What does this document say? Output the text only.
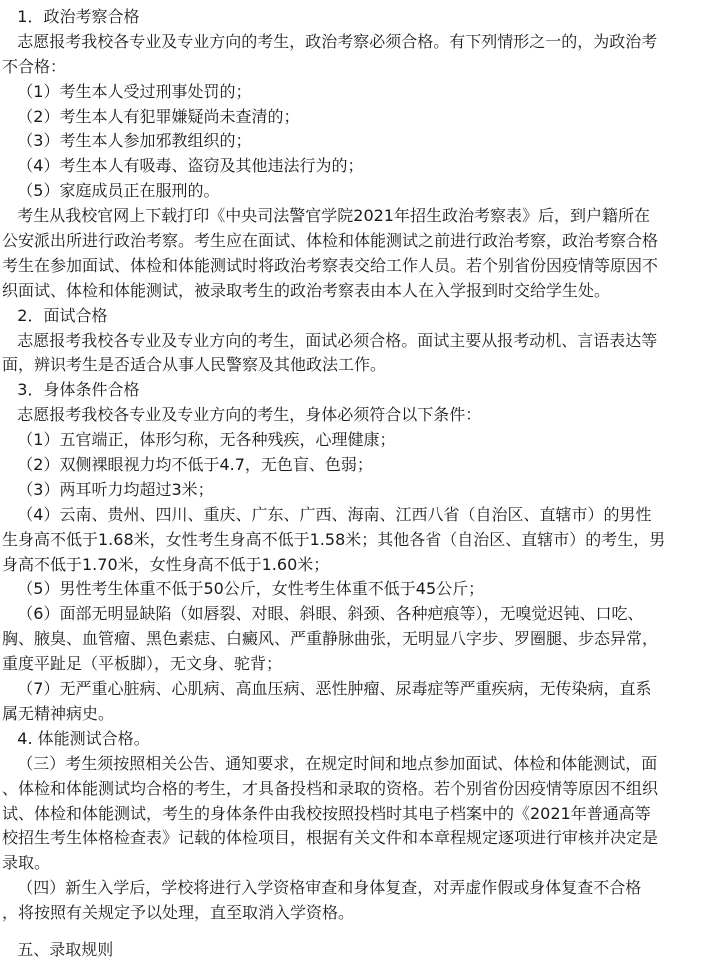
1．政治考察合格
志愿报考我校各专业及专业方向的考生，政治考察必须合格。有下列情形之一的，为政治考
不合格：
（1）考生本人受过刑事处罚的；
（2）考生本人有犯罪嫌疑尚未查清的；
（3）考生本人参加邪教组织的；
（4）考生本人有吸毒、盗窃及其他违法行为的；
（5）家庭成员正在服刑的。
考生从我校官网上下载打印《中央司法警官学院2021年招生政治考察表》后，到户籍所在
公安派出所进行政治考察。考生应在面试、体检和体能测试之前进行政治考察，政治考察合格
考生在参加面试、体检和体能测试时将政治考察表交给工作人员。若个别省份因疫情等原因不
织面试、体检和体能测试，被录取考生的政治考察表由本人在入学报到时交给学生处。
2．面试合格
志愿报考我校各专业及专业方向的考生，面试必须合格。面试主要从报考动机、言语表达等
面，辨识考生是否适合从事人民警察及其他政法工作。
3．身体条件合格
志愿报考我校各专业及专业方向的考生，身体必须符合以下条件：
（1）五官端正，体形匀称，无各种残疾，心理健康；
（2）双侧裸眼视力均不低于4.7，无色盲、色弱；
（3）两耳听力均超过3米；
（4）云南、贵州、四川、重庆、广东、广西、海南、江西八省（自治区、直辖市）的男性
生身高不低于1.68米，女性考生身高不低于1.58米；其他各省（自治区、直辖市）的考生，男
身高不低于1.70米，女性身高不低于1.60米；
（5）男性考生体重不低于50公斤，女性考生体重不低于45公斤；
（6）面部无明显缺陷（如唇裂、对眼、斜眼、斜颈、各种疤痕等），无嗅觉迟钝、口吃、
胸、腋臭、血管瘤、黑色素痣、白癜风、严重静脉曲张，无明显八字步、罗圈腿、步态异常，
重度平趾足（平板脚），无文身、驼背；
（7）无严重心脏病、心肌病、高血压病、恶性肿瘤、尿毒症等严重疾病，无传染病，直系
属无精神病史。
4. 体能测试合格。
（三）考生须按照相关公告、通知要求，在规定时间和地点参加面试、体检和体能测试，面
、体检和体能测试均合格的考生，才具备投档和录取的资格。若个别省份因疫情等原因不组织
试、体检和体能测试，考生的身体条件由我校按照投档时其电子档案中的《2021年普通高等
校招生考生体格检查表》记载的体检项目，根据有关文件和本章程规定逐项进行审核并决定是
录取。
（四）新生入学后，学校将进行入学资格审查和身体复查，对弄虚作假或身体复查不合格
，将按照有关规定予以处理，直至取消入学资格。
五、录取规则
